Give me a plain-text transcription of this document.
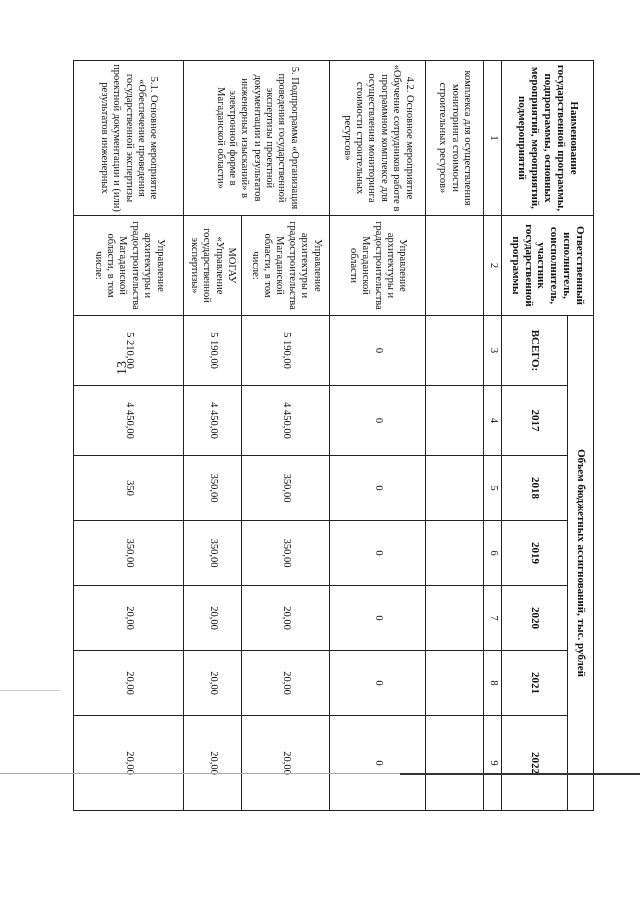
13
Наименование государственной программы, подпрограммы, основных мероприятий, мероприятий, подмероприятий	Ответственный исполнитель, соисполнитель, участник государственной программы	Объем бюджетных ассигнований, тыс. рублей						
		ВСЕГО:	2017	2018	2019	2020	2021	2022
1	2	3	4	5	6	7	8	9
комплекса для осуществления мониторинга стоимости строительных ресурсов»								
4.2. Основное мероприятие «Обучение сотрудников работе в программном комплексе для осуществления мониторинга стоимости строительных ресурсов»	Управление архитектуры и градостроительства Магаданской области	0	0	0	0	0	0	0
5. Подпрограмма «Организация проведения государственной экспертизы проектной документации и результатов инженерных изысканий» в электронной форме в Магаданской области»	Управление архитектуры и градостроительства Магаданской области, в том числе:	5 190,00	4 450,00	350,00	350,00	20,00	20,00	20,00
	МОГАУ «Управление государственной экспертизы»	5 190,00	4 450,00	350,00	350,00	20,00	20,00	20,00
5.1. Основное мероприятие «Обеспечение проведения государственной экспертизы проектной документации и (или) результатов инженерных	Управление архитектуры и градостроительства Магаданской области, в том числе:	5 210,00	4 450,00	350	350,00	20,00	20,00	20,00
